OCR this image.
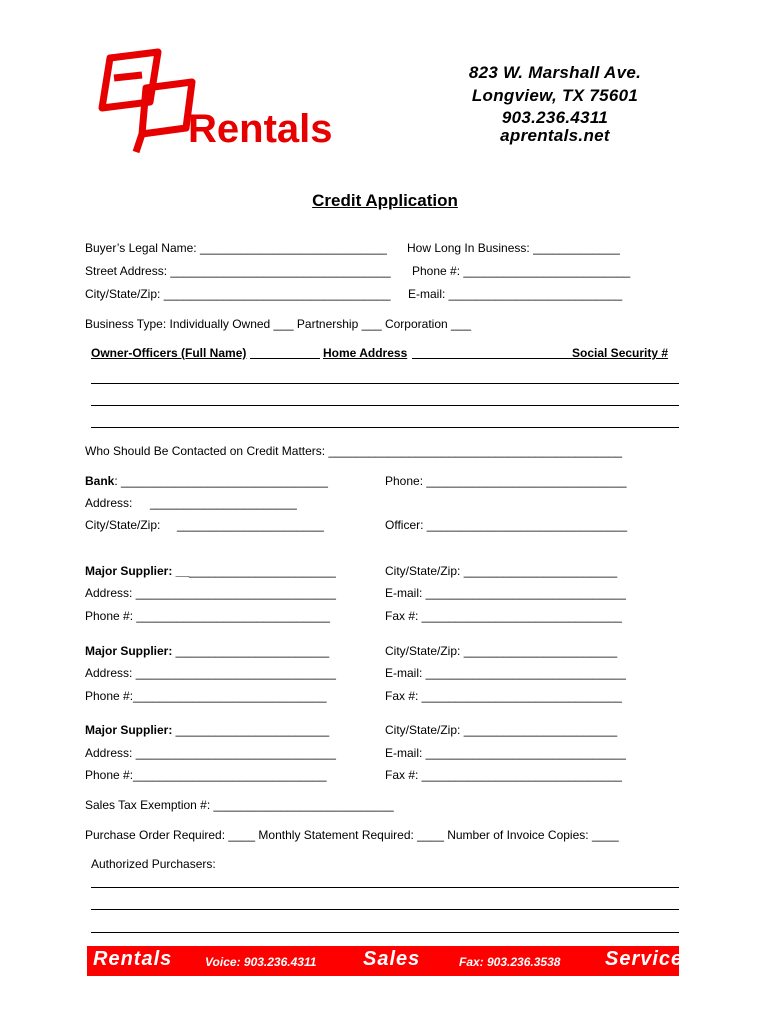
Rentals
823 W. Marshall Ave.
Longview, TX 75601
903.236.4311
aprentals.net
Credit Application
Buyer’s Legal Name: ____________________________ How Long In Business: _____________
Street Address: _________________________________ Phone #: _________________________
City/State/Zip: __________________________________ E-mail: __________________________
Business Type: Individually Owned ___ Partnership ___ Corporation ___
Owner-Officers (Full Name)	Home Address	Social Security #
Who Should Be Contacted on Credit Matters: ____________________________________________
Bank: _______________________________	Phone: ______________________________
Address: ______________________
City/State/Zip: ______________________	Officer: ______________________________
Major Supplier: ________________________	City/State/Zip: _______________________
Address: ______________________________	E-mail: ______________________________
Phone #: _____________________________	Fax #: ______________________________
Major Supplier: _______________________	City/State/Zip: _______________________
Address: ______________________________	E-mail: ______________________________
Phone #:_____________________________	Fax #: ______________________________
Major Supplier: _______________________	City/State/Zip: _______________________
Address: ______________________________	E-mail: ______________________________
Phone #:_____________________________	Fax #: ______________________________
Sales Tax Exemption #: ___________________________
Purchase Order Required: ____ Monthly Statement Required: ____ Number of Invoice Copies: ____
Authorized Purchasers:
Rentals	Voice: 903.236.4311 Sales	Fax: 903.236.3538 Service
